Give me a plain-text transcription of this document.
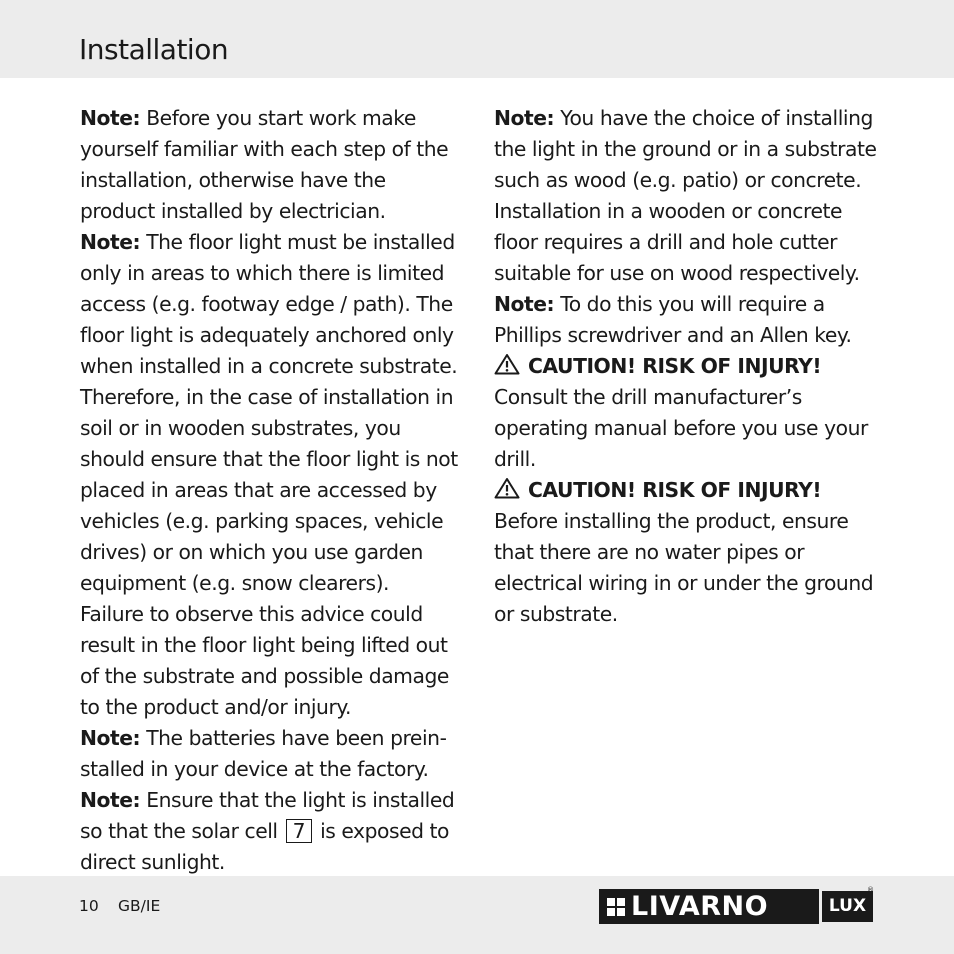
Installation

Note: Before you start work make yourself familiar with each step of the installation, otherwise have the product installed by electrician.

Note: The floor light must be installed only in areas to which there is limited access (e.g. footway edge / path). The floor light is adequately anchored only when installed in a concrete substrate. Therefore, in the case of installation in soil or in wooden substrates, you should ensure that the floor light is not placed in areas that are accessed by vehicles (e.g. parking spaces, vehicle drives) or on which you use garden equipment (e.g. snow clearers). Failure to observe this advice could result in the floor light being lifted out of the substrate and possible damage to the product and/or injury.

Note: The batteries have been preinstalled in your device at the factory.

Note: Ensure that the light is installed so that the solar cell 7 is exposed to direct sunlight.

Note: You have the choice of installing the light in the ground or in a substrate such as wood (e.g. patio) or concrete. Installation in a wooden or concrete floor requires a drill and hole cutter suitable for use on wood respectively.

Note: To do this you will require a Phillips screwdriver and an Allen key.

CAUTION! RISK OF INJURY!

Consult the drill manufacturer’s operating manual before you use your drill.

CAUTION! RISK OF INJURY!

Before installing the product, ensure that there are no water pipes or electrical wiring in or under the ground or substrate.

10 GB/IE	LIVARNO	LUX
®
